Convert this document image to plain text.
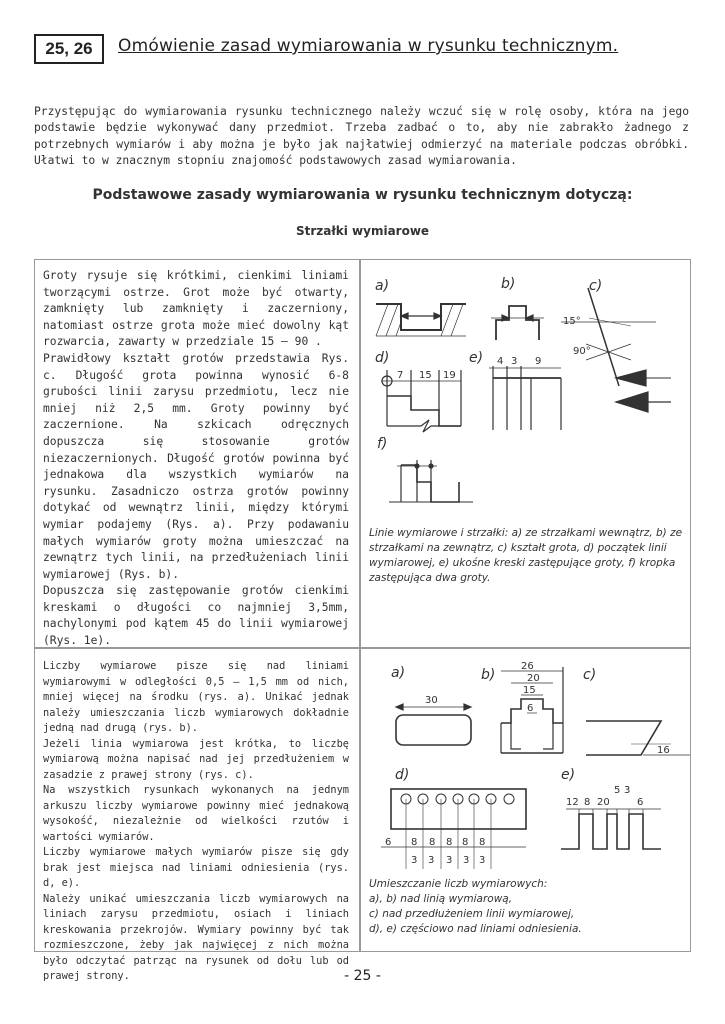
25, 26	Omówienie zasad wymiarowania w rysunku technicznym.
Przystępując do wymiarowania rysunku technicznego należy wczuć się w rolę osoby, która na jego podstawie będzie wykonywać dany przedmiot. Trzeba zadbać o to, aby nie zabrakło żadnego z potrzebnych wymiarów i aby można je było jak najłatwiej odmierzyć na materiale podczas obróbki. Ułatwi to w znacznym stopniu znajomość podstawowych zasad wymiarowania.
Podstawowe zasady wymiarowania w rysunku technicznym dotyczą:
Strzałki wymiarowe

Groty rysuje się krótkimi, cienkimi liniami tworzącymi ostrze. Grot może być otwarty, zamknięty lub zamknięty i zaczerniony, natomiast ostrze grota może mieć dowolny kąt rozwarcia, zawarty w przedziale 15 – 90 .

Prawidłowy kształt grotów przedstawia Rys. c. Długość grota powinna wynosić 6-8 grubości linii zarysu przedmiotu, lecz nie mniej niż 2,5 mm. Groty powinny być zaczernione. Na szkicach odręcznych dopuszcza się stosowanie grotów niezaczernionych. Długość grotów powinna być jednakowa dla wszystkich wymiarów na rysunku. Zasadniczo ostrza grotów powinny dotykać od wewnątrz linii, między którymi wymiar podajemy (Rys. a). Przy podawaniu małych wymiarów groty można umieszczać na zewnątrz tych linii, na przedłużeniach linii wymiarowej (Rys. b).

Dopuszcza się zastępowanie grotów cienkimi kreskami o długości co najmniej 3,5mm, nachylonymi pod kątem 45 do linii wymiarowej (Rys. 1e).

a)	b)	c)
15°
90°
d)
7 15 19
e) 4 3 9
f)
Linie wymiarowe i strzałki: a) ze strzałkami wewnątrz, b) ze strzałkami na zewnątrz, c) kształt grota, d) początek linii wymiarowej, e) ukośne kreski zastępujące groty, f) kropka zastępująca dwa groty.

Liczby wymiarowe pisze się nad liniami wymiarowymi w odległości 0,5 – 1,5 mm od nich, mniej więcej na środku (rys. a). Unikać jednak należy umieszczania liczb wymiarowych dokładnie jedną nad drugą (rys. b).

Jeżeli linia wymiarowa jest krótka, to liczbę wymiarową można napisać nad jej przedłużeniem w zasadzie z prawej strony (rys. c).

Na wszystkich rysunkach wykonanych na jednym arkuszu liczby wymiarowe powinny mieć jednakową wysokość, niezależnie od wielkości rzutów i wartości wymiarów.

Liczby wymiarowe małych wymiarów pisze się gdy brak jest miejsca nad liniami odniesienia (rys. d, e).

Należy unikać umieszczania liczb wymiarowych na liniach zarysu przedmiotu, osiach i liniach kreskowania przekrojów. Wymiary powinny być tak rozmieszczone, żeby jak najwięcej z nich można było odczytać patrząc na rysunek od dołu lub od prawej strony.

a)
30
b)
26
20
15
6
c)
16
d)
6 8 8 8 8 8
3 3 3 3 3
e)
12 8 20
5 3
6
Umieszczanie liczb wymiarowych:
a), b) nad linią wymiarową,
c) nad przedłużeniem linii wymiarowej,
d), e) częściowo nad liniami odniesienia.
- 25 -
